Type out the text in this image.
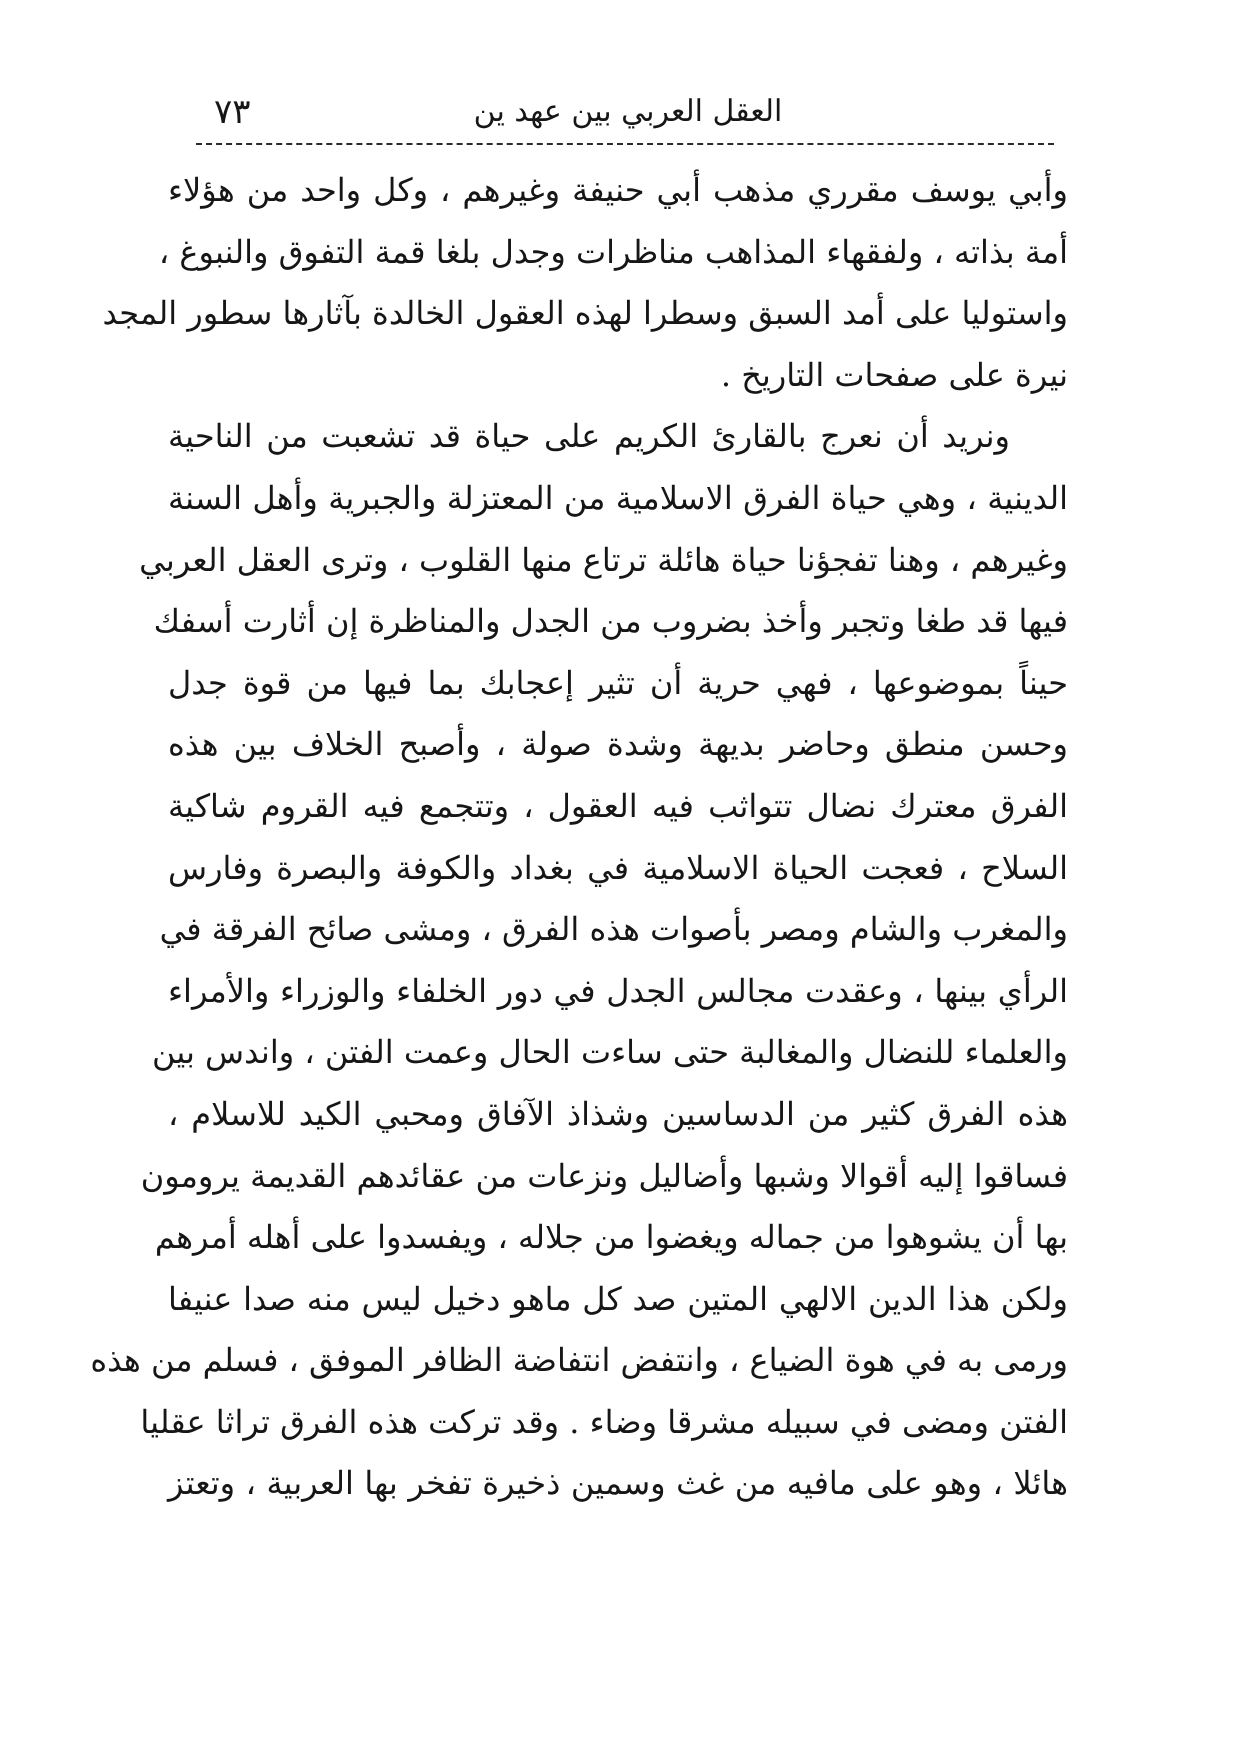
٧٣	العقل العربي بين عهد ين
وأبي يوسف مقرري مذهب أبي حنيفة وغيرهم ، وكل واحد من هؤلاء
أمة بذاته ، ولفقهاء المذاهب مناظرات وجدل بلغا قمة التفوق والنبوغ ،
واستوليا على أمد السبق وسطرا لهذه العقول الخالدة بآثارها سطور المجد
نيرة على صفحات التاريخ .
ونريد أن نعرج بالقارئ الكريم على حياة قد تشعبت من الناحية
الدينية ، وهي حياة الفرق الاسلامية من المعتزلة والجبرية وأهل السنة
وغيرهم ، وهنا تفجؤنا حياة هائلة ترتاع منها القلوب ، وترى العقل العربي
فيها قد طغا وتجبر وأخذ بضروب من الجدل والمناظرة إن أثارت أسفك
حيناً بموضوعها ، فهي حرية أن تثير إعجابك بما فيها من قوة جدل
وحسن منطق وحاضر بديهة وشدة صولة ، وأصبح الخلاف بين هذه
الفرق معترك نضال تتواثب فيه العقول ، وتتجمع فيه القروم شاكية
السلاح ، فعجت الحياة الاسلامية في بغداد والكوفة والبصرة وفارس
والمغرب والشام ومصر بأصوات هذه الفرق ، ومشى صائح الفرقة في
الرأي بينها ، وعقدت مجالس الجدل في دور الخلفاء والوزراء والأمراء
والعلماء للنضال والمغالبة حتى ساءت الحال وعمت الفتن ، واندس بين
هذه الفرق كثير من الدساسين وشذاذ الآفاق ومحبي الكيد للاسلام ،
فساقوا إليه أقوالا وشبها وأضاليل ونزعات من عقائدهم القديمة يرومون
بها أن يشوهوا من جماله ويغضوا من جلاله ، ويفسدوا على أهله أمرهم
ولكن هذا الدين الالهي المتين صد كل ماهو دخيل ليس منه صدا عنيفا
ورمى به في هوة الضياع ، وانتفض انتفاضة الظافر الموفق ، فسلم من هذه
الفتن ومضى في سبيله مشرقا وضاء . وقد تركت هذه الفرق تراثا عقليا
هائلا ، وهو على مافيه من غث وسمين ذخيرة تفخر بها العربية ، وتعتز
